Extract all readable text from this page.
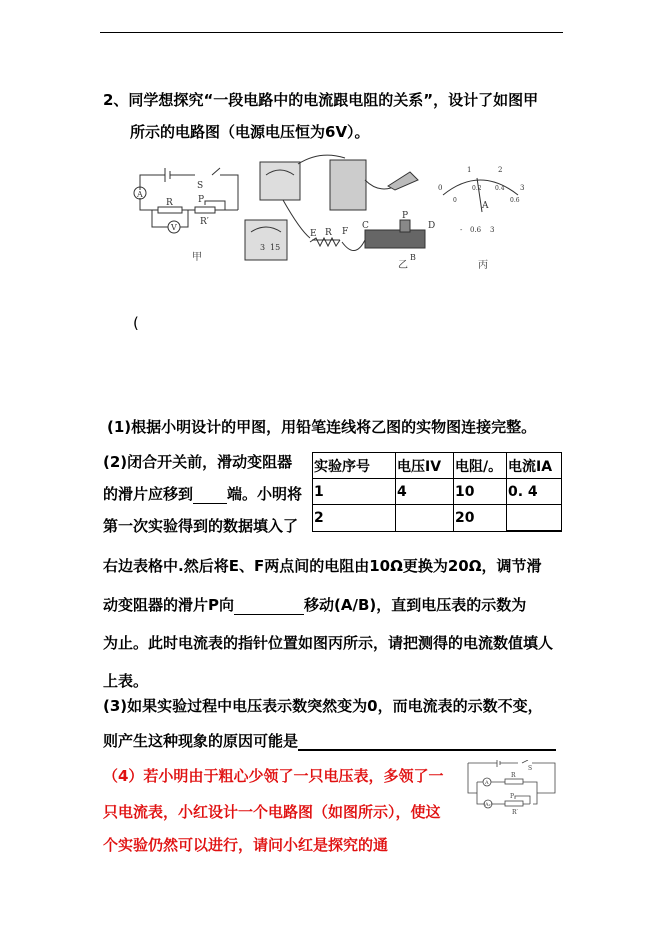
2、同学想探究“一段电路中的电流跟电阻的关系”，设计了如图甲
所示的电路图（电源电压恒为6V）。
A
V
S
R	P
R′
甲
3 15
C	D
P
E	F
R
B
乙
0
1	2
3
0
0.2 0.4
0.6
A
- 0.6 3
丙
(
(1)根据小明设计的甲图，用铅笔连线将乙图的实物图连接完整。
(2)闭合开关前，滑动变阻器
的滑片应移到 端。小明将
第一次实验得到的数据填入了
实验序号	电压IV	电阻/。	电流IA
1	4	10	0. 4
2		20	
右边表格中.然后将E、F两点间的电阻由10Ω更换为20Ω，调节滑
动变阻器的滑片P向	移动(A/B)，直到电压表的示数为
为止。此时电流表的指针位置如图丙所示，请把测得的电流数值填人
上表。
(3)如果实验过程中电压表示数突然变为0，而电流表的示数不变，
则产生这种现象的原因可能是
（4）若小明由于粗心少领了一只电压表，多领了一
只电流表，小红设计一个电路图（如图所示），使这
个实验仍然可以进行，请问小红是探究的通
S
R
P
R′
A
A₂
